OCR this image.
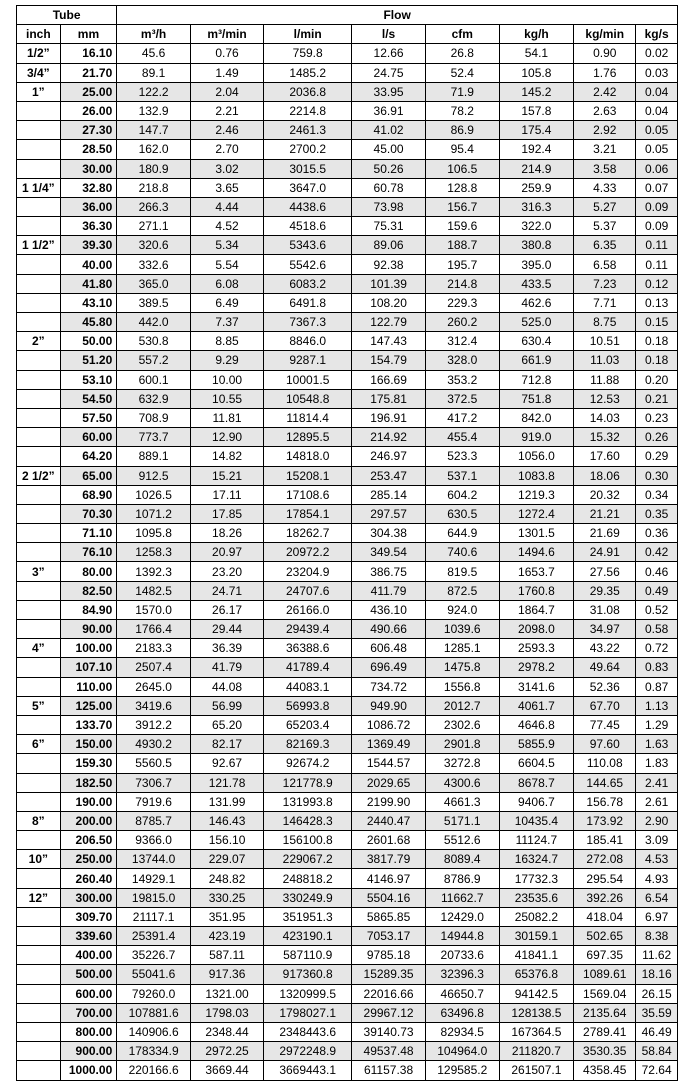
Tube		Flow							
inch	mm	m³/h	m³/min	l/min	l/s	cfm	kg/h	kg/min	kg/s
1/2”	16.10	45.6	0.76	759.8	12.66	26.8	54.1	0.90	0.02
3/4”	21.70	89.1	1.49	1485.2	24.75	52.4	105.8	1.76	0.03
1”	25.00	122.2	2.04	2036.8	33.95	71.9	145.2	2.42	0.04
	26.00	132.9	2.21	2214.8	36.91	78.2	157.8	2.63	0.04
	27.30	147.7	2.46	2461.3	41.02	86.9	175.4	2.92	0.05
	28.50	162.0	2.70	2700.2	45.00	95.4	192.4	3.21	0.05
	30.00	180.9	3.02	3015.5	50.26	106.5	214.9	3.58	0.06
1 1/4”	32.80	218.8	3.65	3647.0	60.78	128.8	259.9	4.33	0.07
	36.00	266.3	4.44	4438.6	73.98	156.7	316.3	5.27	0.09
	36.30	271.1	4.52	4518.6	75.31	159.6	322.0	5.37	0.09
1 1/2”	39.30	320.6	5.34	5343.6	89.06	188.7	380.8	6.35	0.11
	40.00	332.6	5.54	5542.6	92.38	195.7	395.0	6.58	0.11
	41.80	365.0	6.08	6083.2	101.39	214.8	433.5	7.23	0.12
	43.10	389.5	6.49	6491.8	108.20	229.3	462.6	7.71	0.13
	45.80	442.0	7.37	7367.3	122.79	260.2	525.0	8.75	0.15
2”	50.00	530.8	8.85	8846.0	147.43	312.4	630.4	10.51	0.18
	51.20	557.2	9.29	9287.1	154.79	328.0	661.9	11.03	0.18
	53.10	600.1	10.00	10001.5	166.69	353.2	712.8	11.88	0.20
	54.50	632.9	10.55	10548.8	175.81	372.5	751.8	12.53	0.21
	57.50	708.9	11.81	11814.4	196.91	417.2	842.0	14.03	0.23
	60.00	773.7	12.90	12895.5	214.92	455.4	919.0	15.32	0.26
	64.20	889.1	14.82	14818.0	246.97	523.3	1056.0	17.60	0.29
2 1/2”	65.00	912.5	15.21	15208.1	253.47	537.1	1083.8	18.06	0.30
	68.90	1026.5	17.11	17108.6	285.14	604.2	1219.3	20.32	0.34
	70.30	1071.2	17.85	17854.1	297.57	630.5	1272.4	21.21	0.35
	71.10	1095.8	18.26	18262.7	304.38	644.9	1301.5	21.69	0.36
	76.10	1258.3	20.97	20972.2	349.54	740.6	1494.6	24.91	0.42
3”	80.00	1392.3	23.20	23204.9	386.75	819.5	1653.7	27.56	0.46
	82.50	1482.5	24.71	24707.6	411.79	872.5	1760.8	29.35	0.49
	84.90	1570.0	26.17	26166.0	436.10	924.0	1864.7	31.08	0.52
	90.00	1766.4	29.44	29439.4	490.66	1039.6	2098.0	34.97	0.58
4”	100.00	2183.3	36.39	36388.6	606.48	1285.1	2593.3	43.22	0.72
	107.10	2507.4	41.79	41789.4	696.49	1475.8	2978.2	49.64	0.83
	110.00	2645.0	44.08	44083.1	734.72	1556.8	3141.6	52.36	0.87
5”	125.00	3419.6	56.99	56993.8	949.90	2012.7	4061.7	67.70	1.13
	133.70	3912.2	65.20	65203.4	1086.72	2302.6	4646.8	77.45	1.29
6”	150.00	4930.2	82.17	82169.3	1369.49	2901.8	5855.9	97.60	1.63
	159.30	5560.5	92.67	92674.2	1544.57	3272.8	6604.5	110.08	1.83
	182.50	7306.7	121.78	121778.9	2029.65	4300.6	8678.7	144.65	2.41
	190.00	7919.6	131.99	131993.8	2199.90	4661.3	9406.7	156.78	2.61
8”	200.00	8785.7	146.43	146428.3	2440.47	5171.1	10435.4	173.92	2.90
	206.50	9366.0	156.10	156100.8	2601.68	5512.6	11124.7	185.41	3.09
10”	250.00	13744.0	229.07	229067.2	3817.79	8089.4	16324.7	272.08	4.53
	260.40	14929.1	248.82	248818.2	4146.97	8786.9	17732.3	295.54	4.93
12”	300.00	19815.0	330.25	330249.9	5504.16	11662.7	23535.6	392.26	6.54
	309.70	21117.1	351.95	351951.3	5865.85	12429.0	25082.2	418.04	6.97
	339.60	25391.4	423.19	423190.1	7053.17	14944.8	30159.1	502.65	8.38
	400.00	35226.7	587.11	587110.9	9785.18	20733.6	41841.1	697.35	11.62
	500.00	55041.6	917.36	917360.8	15289.35	32396.3	65376.8	1089.61	18.16
	600.00	79260.0	1321.00	1320999.5	22016.66	46650.7	94142.5	1569.04	26.15
	700.00	107881.6	1798.03	1798027.1	29967.12	63496.8	128138.5	2135.64	35.59
	800.00	140906.6	2348.44	2348443.6	39140.73	82934.5	167364.5	2789.41	46.49
	900.00	178334.9	2972.25	2972248.9	49537.48	104964.0	211820.7	3530.35	58.84
	1000.00	220166.6	3669.44	3669443.1	61157.38	129585.2	261507.1	4358.45	72.64
